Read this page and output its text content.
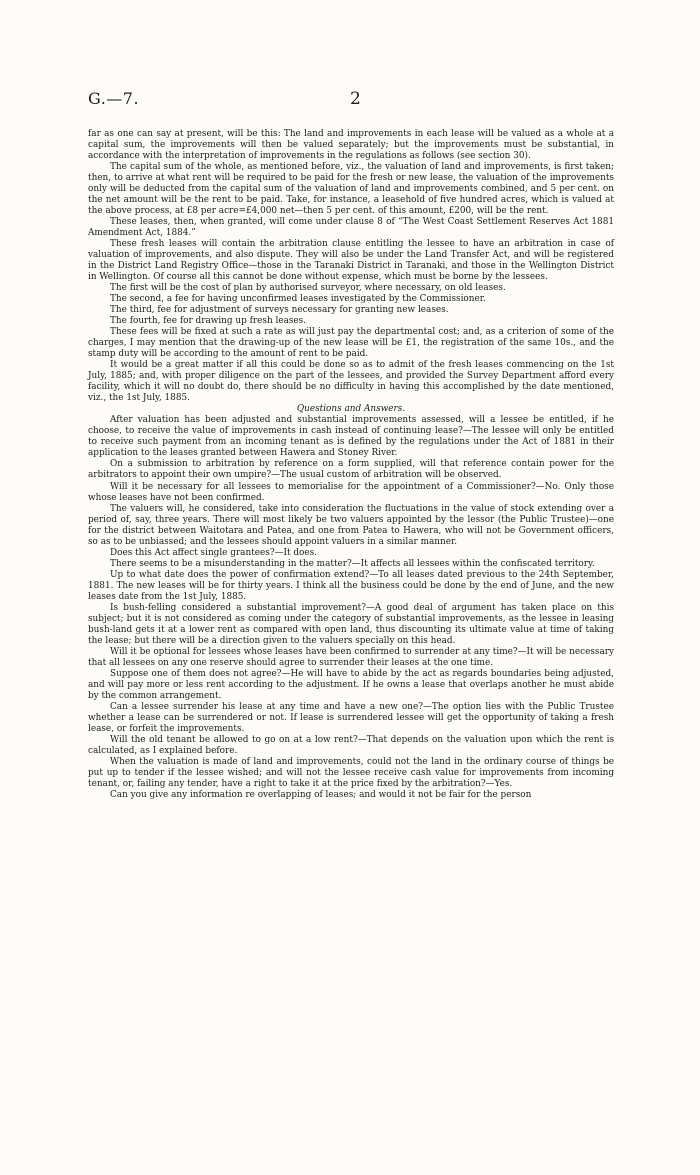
G.—7.	2

far as one can say at present, will be this: The land and improvements in each lease will be valued as a whole at a capital sum, the improvements will then be valued separately; but the improvements must be substantial, in accordance with the interpretation of improvements in the regulations as follows (see section 30).

The capital sum of the whole, as mentioned before, viz., the valuation of land and improvements, is first taken; then, to arrive at what rent will be required to be paid for the fresh or new lease, the valuation of the improvements only will be deducted from the capital sum of the valuation of land and improvements combined, and 5 per cent. on the net amount will be the rent to be paid. Take, for instance, a leasehold of five hundred acres, which is valued at the above process, at £8 per acre=£4,000 net—then 5 per cent. of this amount, £200, will be the rent.

These leases, then, when granted, will come under clause 8 of “The West Coast Settlement Reserves Act 1881 Amendment Act, 1884.”

These fresh leases will contain the arbitration clause entitling the lessee to have an arbitration in case of valuation of improvements, and also dispute. They will also be under the Land Transfer Act, and will be registered in the District Land Registry Office—those in the Taranaki District in Taranaki, and those in the Wellington District in Wellington. Of course all this cannot be done without expense, which must be borne by the lessees.

The first will be the cost of plan by authorised surveyor, where necessary, on old leases.

The second, a fee for having unconfirmed leases investigated by the Commissioner.

The third, fee for adjustment of surveys necessary for granting new leases.

The fourth, fee for drawing up fresh leases.

These fees will be fixed at such a rate as will just pay the departmental cost; and, as a criterion of some of the charges, I may mention that the drawing-up of the new lease will be £1, the registration of the same 10s., and the stamp duty will be according to the amount of rent to be paid.

It would be a great matter if all this could be done so as to admit of the fresh leases commencing on the 1st July, 1885; and, with proper diligence on the part of the lessees, and provided the Survey Department afford every facility, which it will no doubt do, there should be no difficulty in having this accomplished by the date mentioned, viz., the 1st July, 1885.

Questions and Answers.

After valuation has been adjusted and substantial improvements assessed, will a lessee be entitled, if he choose, to receive the value of improvements in cash instead of continuing lease?—The lessee will only be entitled to receive such payment from an incoming tenant as is defined by the regulations under the Act of 1881 in their application to the leases granted between Hawera and Stoney River.

On a submission to arbitration by reference on a form supplied, will that reference contain power for the arbitrators to appoint their own umpire?—The usual custom of arbitration will be observed.

Will it be necessary for all lessees to memorialise for the appointment of a Commissioner?—No. Only those whose leases have not been confirmed.

The valuers will, he considered, take into consideration the fluctuations in the value of stock extending over a period of, say, three years. There will most likely be two valuers appointed by the lessor (the Public Trustee)—one for the district between Waitotara and Patea, and one from Patea to Hawera, who will not be Government officers, so as to be unbiassed; and the lessees should appoint valuers in a similar manner.

Does this Act affect single grantees?—It does.

There seems to be a misunderstanding in the matter?—It affects all lessees within the confiscated territory.

Up to what date does the power of confirmation extend?—To all leases dated previous to the 24th September, 1881. The new leases will be for thirty years. I think all the business could be done by the end of June, and the new leases date from the 1st July, 1885.

Is bush-felling considered a substantial improvement?—A good deal of argument has taken place on this subject; but it is not considered as coming under the category of substantial improvements, as the lessee in leasing bush-land gets it at a lower rent as compared with open land, thus discounting its ultimate value at time of taking the lease; but there will be a direction given to the valuers specially on this head.

Will it be optional for lessees whose leases have been confirmed to surrender at any time?—It will be necessary that all lessees on any one reserve should agree to surrender their leases at the one time.

Suppose one of them does not agree?—He will have to abide by the act as regards boundaries being adjusted, and will pay more or less rent according to the adjustment. If he owns a lease that overlaps another he must abide by the common arrangement.

Can a lessee surrender his lease at any time and have a new one?—The option lies with the Public Trustee whether a lease can be surrendered or not. If lease is surrendered lessee will get the opportunity of taking a fresh lease, or forfeit the improvements.

Will the old tenant be allowed to go on at a low rent?—That depends on the valuation upon which the rent is calculated, as I explained before.

When the valuation is made of land and improvements, could not the land in the ordinary course of things be put up to tender if the lessee wished; and will not the lessee receive cash value for improvements from incoming tenant, or, failing any tender, have a right to take it at the price fixed by the arbitration?—Yes.

Can you give any information re overlapping of leases; and would it not be fair for the person
